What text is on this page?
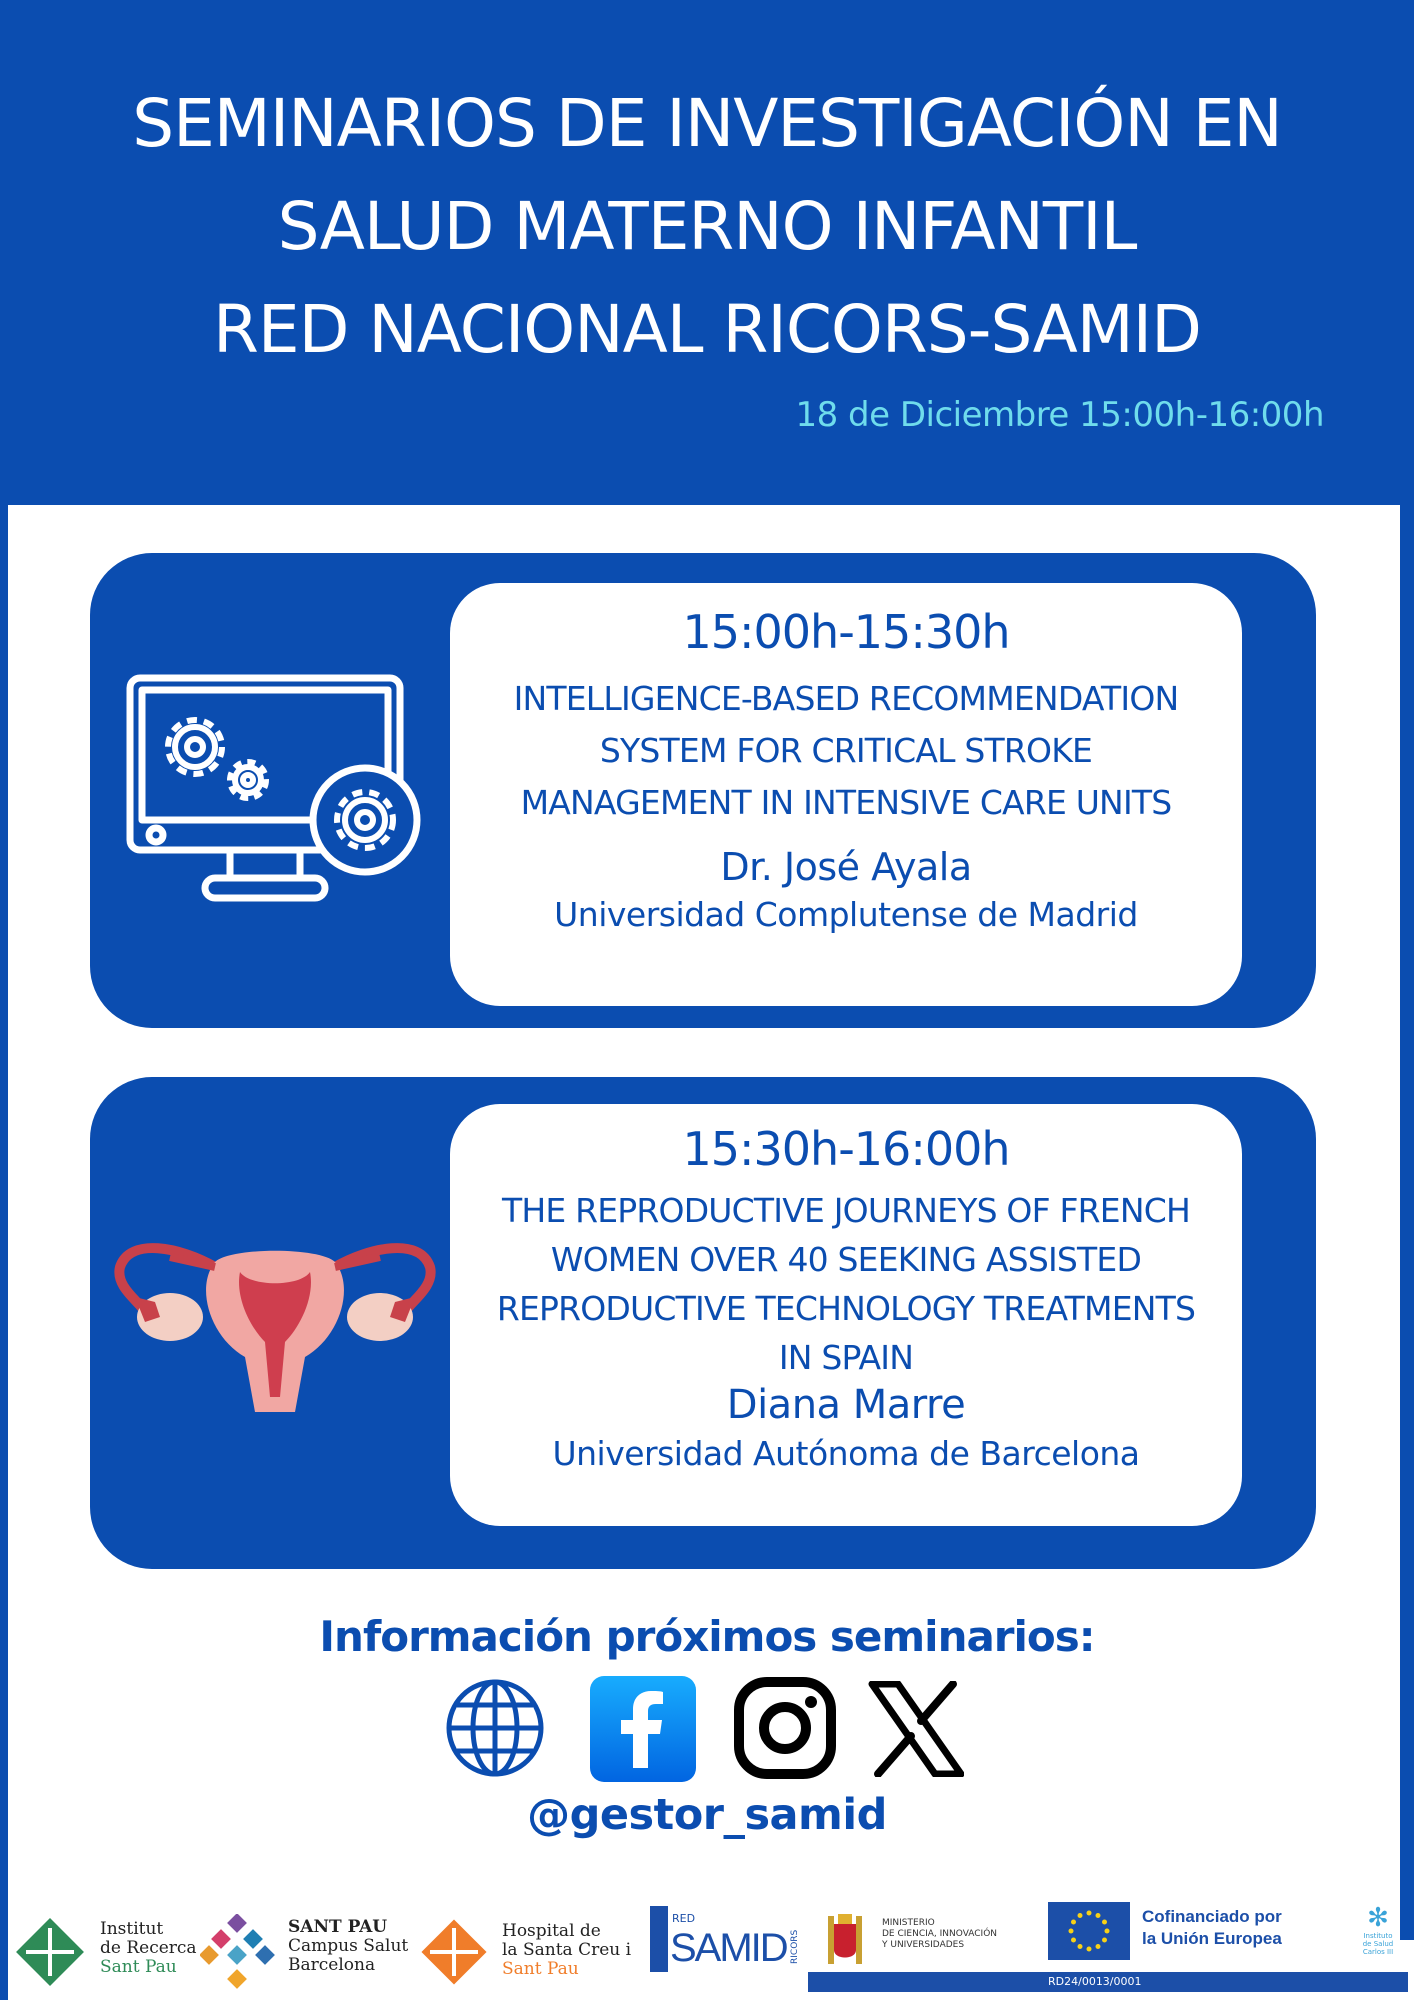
SEMINARIOS DE INVESTIGACIÓN EN
SALUD MATERNO INFANTIL
RED NACIONAL RICORS-SAMID
18 de Diciembre 15:00h-16:00h
15:00h-15:30h
INTELLIGENCE-BASED RECOMMENDATION
SYSTEM FOR CRITICAL STROKE
MANAGEMENT IN INTENSIVE CARE UNITS
Dr. José Ayala
Universidad Complutense de Madrid
15:30h-16:00h
THE REPRODUCTIVE JOURNEYS OF FRENCH
WOMEN OVER 40 SEEKING ASSISTED
REPRODUCTIVE TECHNOLOGY TREATMENTS
IN SPAIN
Diana Marre
Universidad Autónoma de Barcelona
Información próximos seminarios:
@gestor_samid
Institut
de Recerca
Sant Pau
SANT PAU
Campus Salut
Barcelona
Hospital de
la Santa Creu i
Sant Pau
RED
SAMID RICORS
MINISTERIO
DE CIENCIA, INNOVACIÓN
Y UNIVERSIDADES
Cofinanciado por
la Unión Europea
✻
Instituto
de Salud
Carlos III
RD24/0013/0001
